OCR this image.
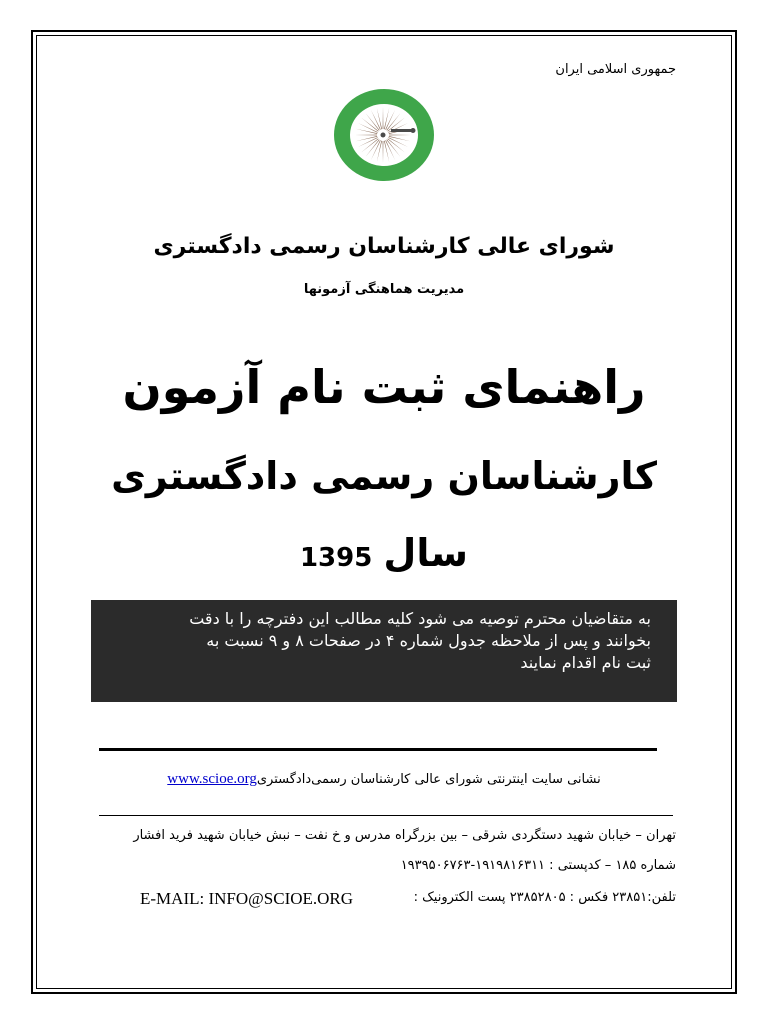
جمهوری اسلامی ایران
شورای عالی کارشناسان رسمی دادگستری
مدیریت هماهنگی آزمونها
راهنمای ثبت نام آزمون
کارشناسان رسمی دادگستری
سال 1395
به متقاضیان محترم توصیه می شود کلیه مطالب این دفترچه را با دقت
بخوانند و پس از ملاحظه جدول شماره ۴ در صفحات ۸ و ۹ نسبت به
ثبت نام اقدام نمایند
نشانی سایت اینترنتی شورای عالی کارشناسان رسمی‌دادگستریwww.scioe.org
تهران – خیابان شهید دستگردی شرقی – بین بزرگراه مدرس و خ نفت – نبش خیابان شهید فرید افشار
شماره ۱۸۵ – کدپستی : ۱۹۱۹۸۱۶۳۱۱-۱۹۳۹۵۰۶۷۶۳
تلفن:۲۳۸۵۱ فکس : ۲۳۸۵۲۸۰۵ پست الکترونیک :
E-MAIL: INFO@SCIOE.ORG
